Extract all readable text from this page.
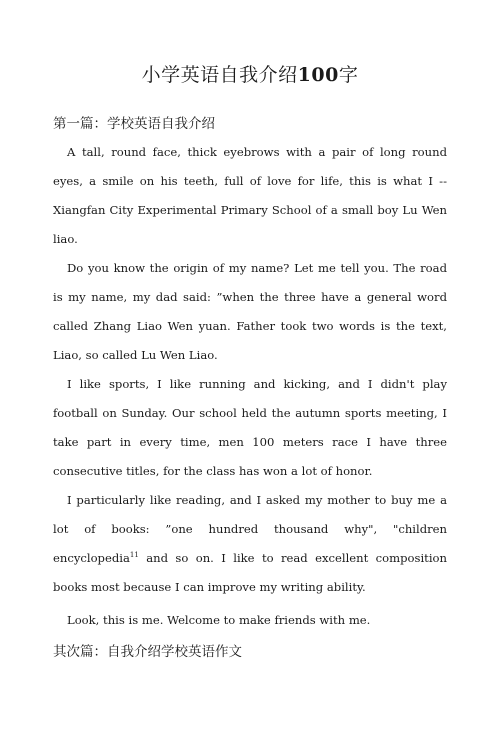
小学英语自我介绍100字
第一篇：学校英语自我介绍

A tall, round face, thick eyebrows with a pair of long round eyes, a smile on his teeth, full of love for life, this is what I -- Xiangfan City Experimental Primary School of a small boy Lu Wen liao.

Do you know the origin of my name? Let me tell you. The road is my name, my dad said: ”when the three have a general word called Zhang Liao Wen yuan. Father took two words is the text, Liao, so called Lu Wen Liao.

I like sports, I like running and kicking, and I didn't play football on Sunday. Our school held the autumn sports meeting, I take part in every time, men 100 meters race I have three consecutive titles, for the class has won a lot of honor.

I particularly like reading, and I asked my mother to buy me a lot of books: ”one hundred thousand why", "children encyclopedia$^{11}$ and so on. I like to read excellent composition books most because I can improve my writing ability.

Look, this is me. Welcome to make friends with me.

其次篇：自我介绍学校英语作文
